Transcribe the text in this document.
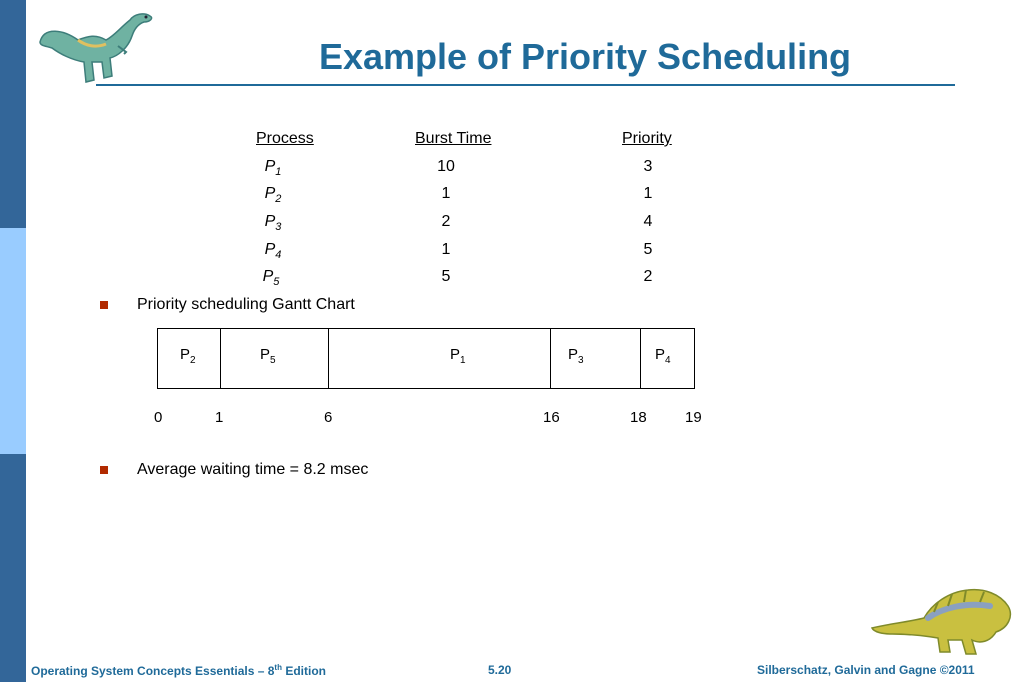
Example of Priority Scheduling
Process	Burst Time	Priority
$P_1$	10	3
$P_2$	1	1
$P_3$	2	4
$P_4$	1	5
$P_5$	5	2
Priority scheduling Gantt Chart
Average waiting time = 8.2 msec
$P_2$	$P_5$	$P_1$	$P_3$	$P_4$
0	1	6	16	18	19
Operating System Concepts Essentials – 8th Edition	5.20	Silberschatz, Galvin and Gagne ©2011
